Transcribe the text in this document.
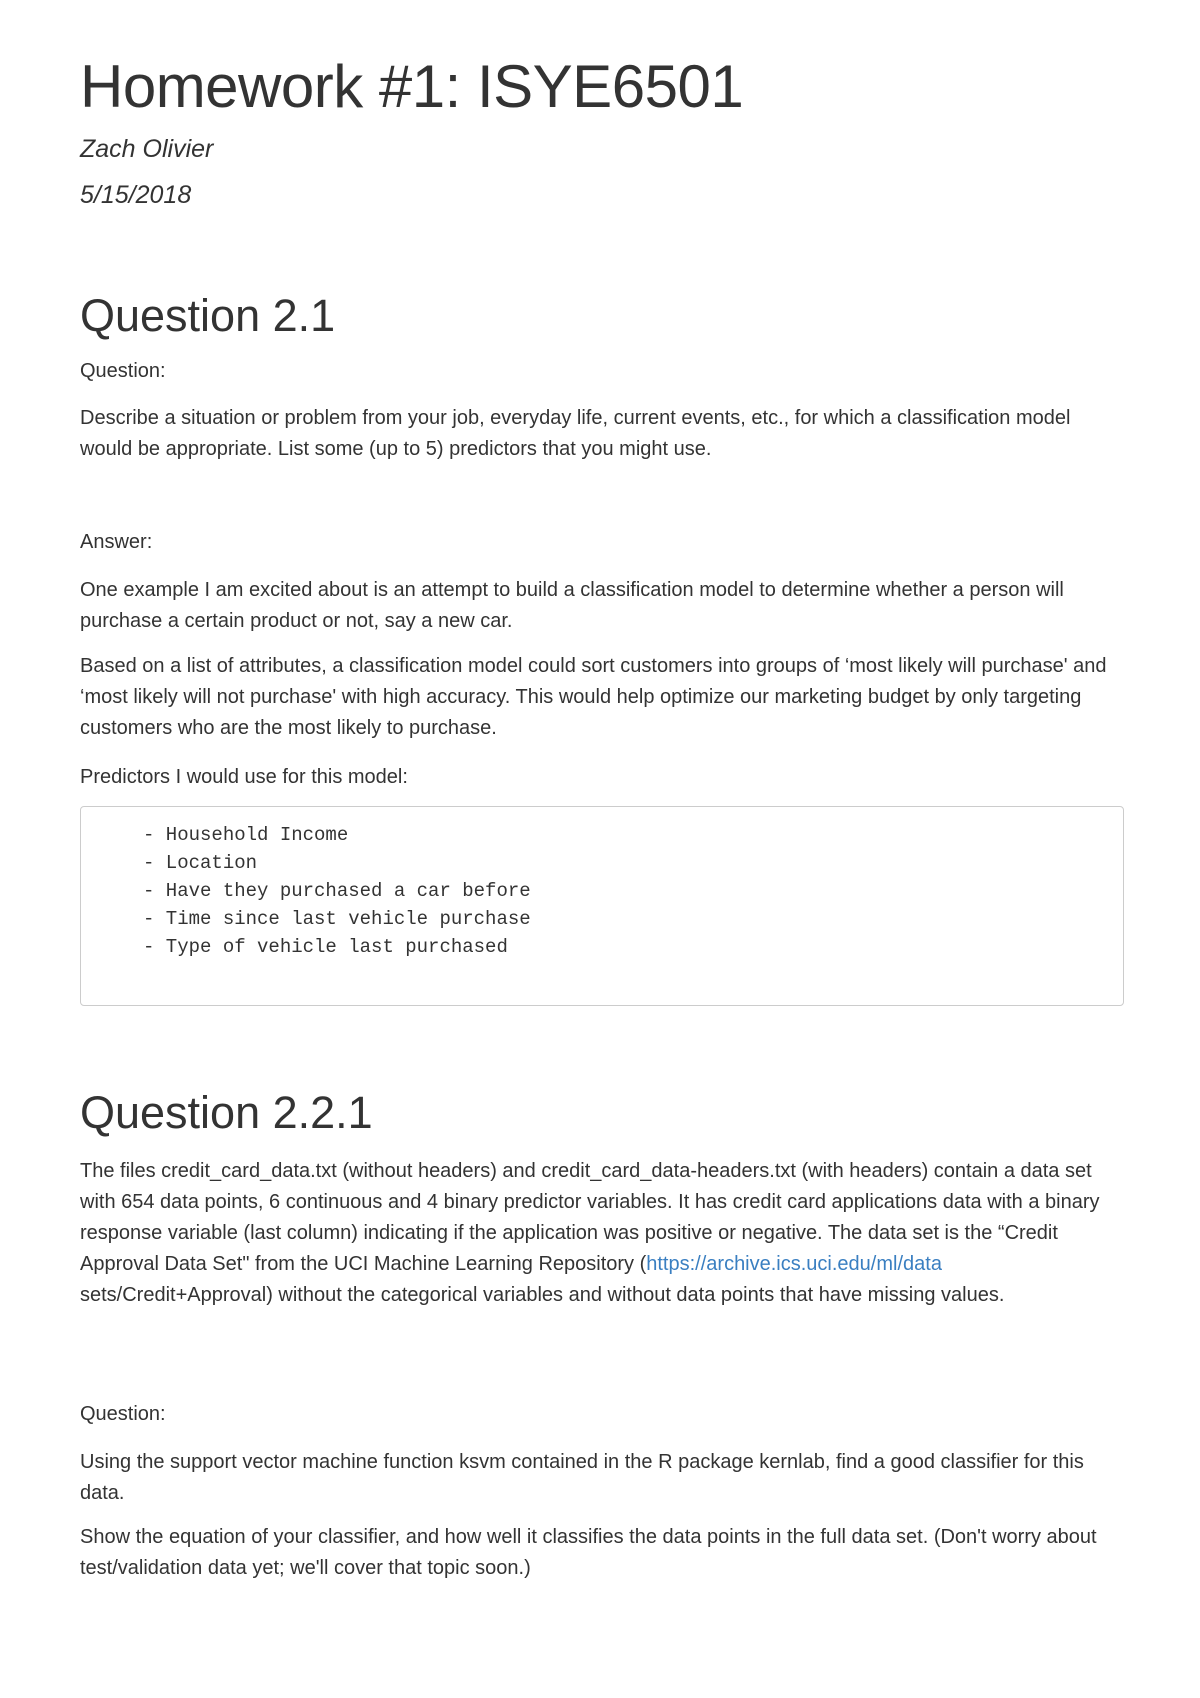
Homework #1: ISYE6501
Zach Olivier
5/15/2018
Question 2.1

Question:

Describe a situation or problem from your job, everyday life, current events, etc., for which a classification model would be appropriate. List some (up to 5) predictors that you might use.

Answer:

One example I am excited about is an attempt to build a classification model to determine whether a person will purchase a certain product or not, say a new car.

Based on a list of attributes, a classification model could sort customers into groups of ‘most likely will purchase' and ‘most likely will not purchase' with high accuracy. This would help optimize our marketing budget by only targeting customers who are the most likely to purchase.

Predictors I would use for this model:

- Household Income
- Location
- Have they purchased a car before
- Time since last vehicle purchase
- Type of vehicle last purchased
Question 2.2.1

The files credit_card_data.txt (without headers) and credit_card_data-headers.txt (with headers) contain a data set with 654 data points, 6 continuous and 4 binary predictor variables. It has credit card applications data with a binary response variable (last column) indicating if the application was positive or negative. The data set is the “Credit Approval Data Set" from the UCI Machine Learning Repository (https://archive.ics.uci.edu/ml/data sets/Credit+Approval) without the categorical variables and without data points that have missing values.

Question:

Using the support vector machine function ksvm contained in the R package kernlab, find a good classifier for this data.

Show the equation of your classifier, and how well it classifies the data points in the full data set. (Don't worry about test/validation data yet; we'll cover that topic soon.)
